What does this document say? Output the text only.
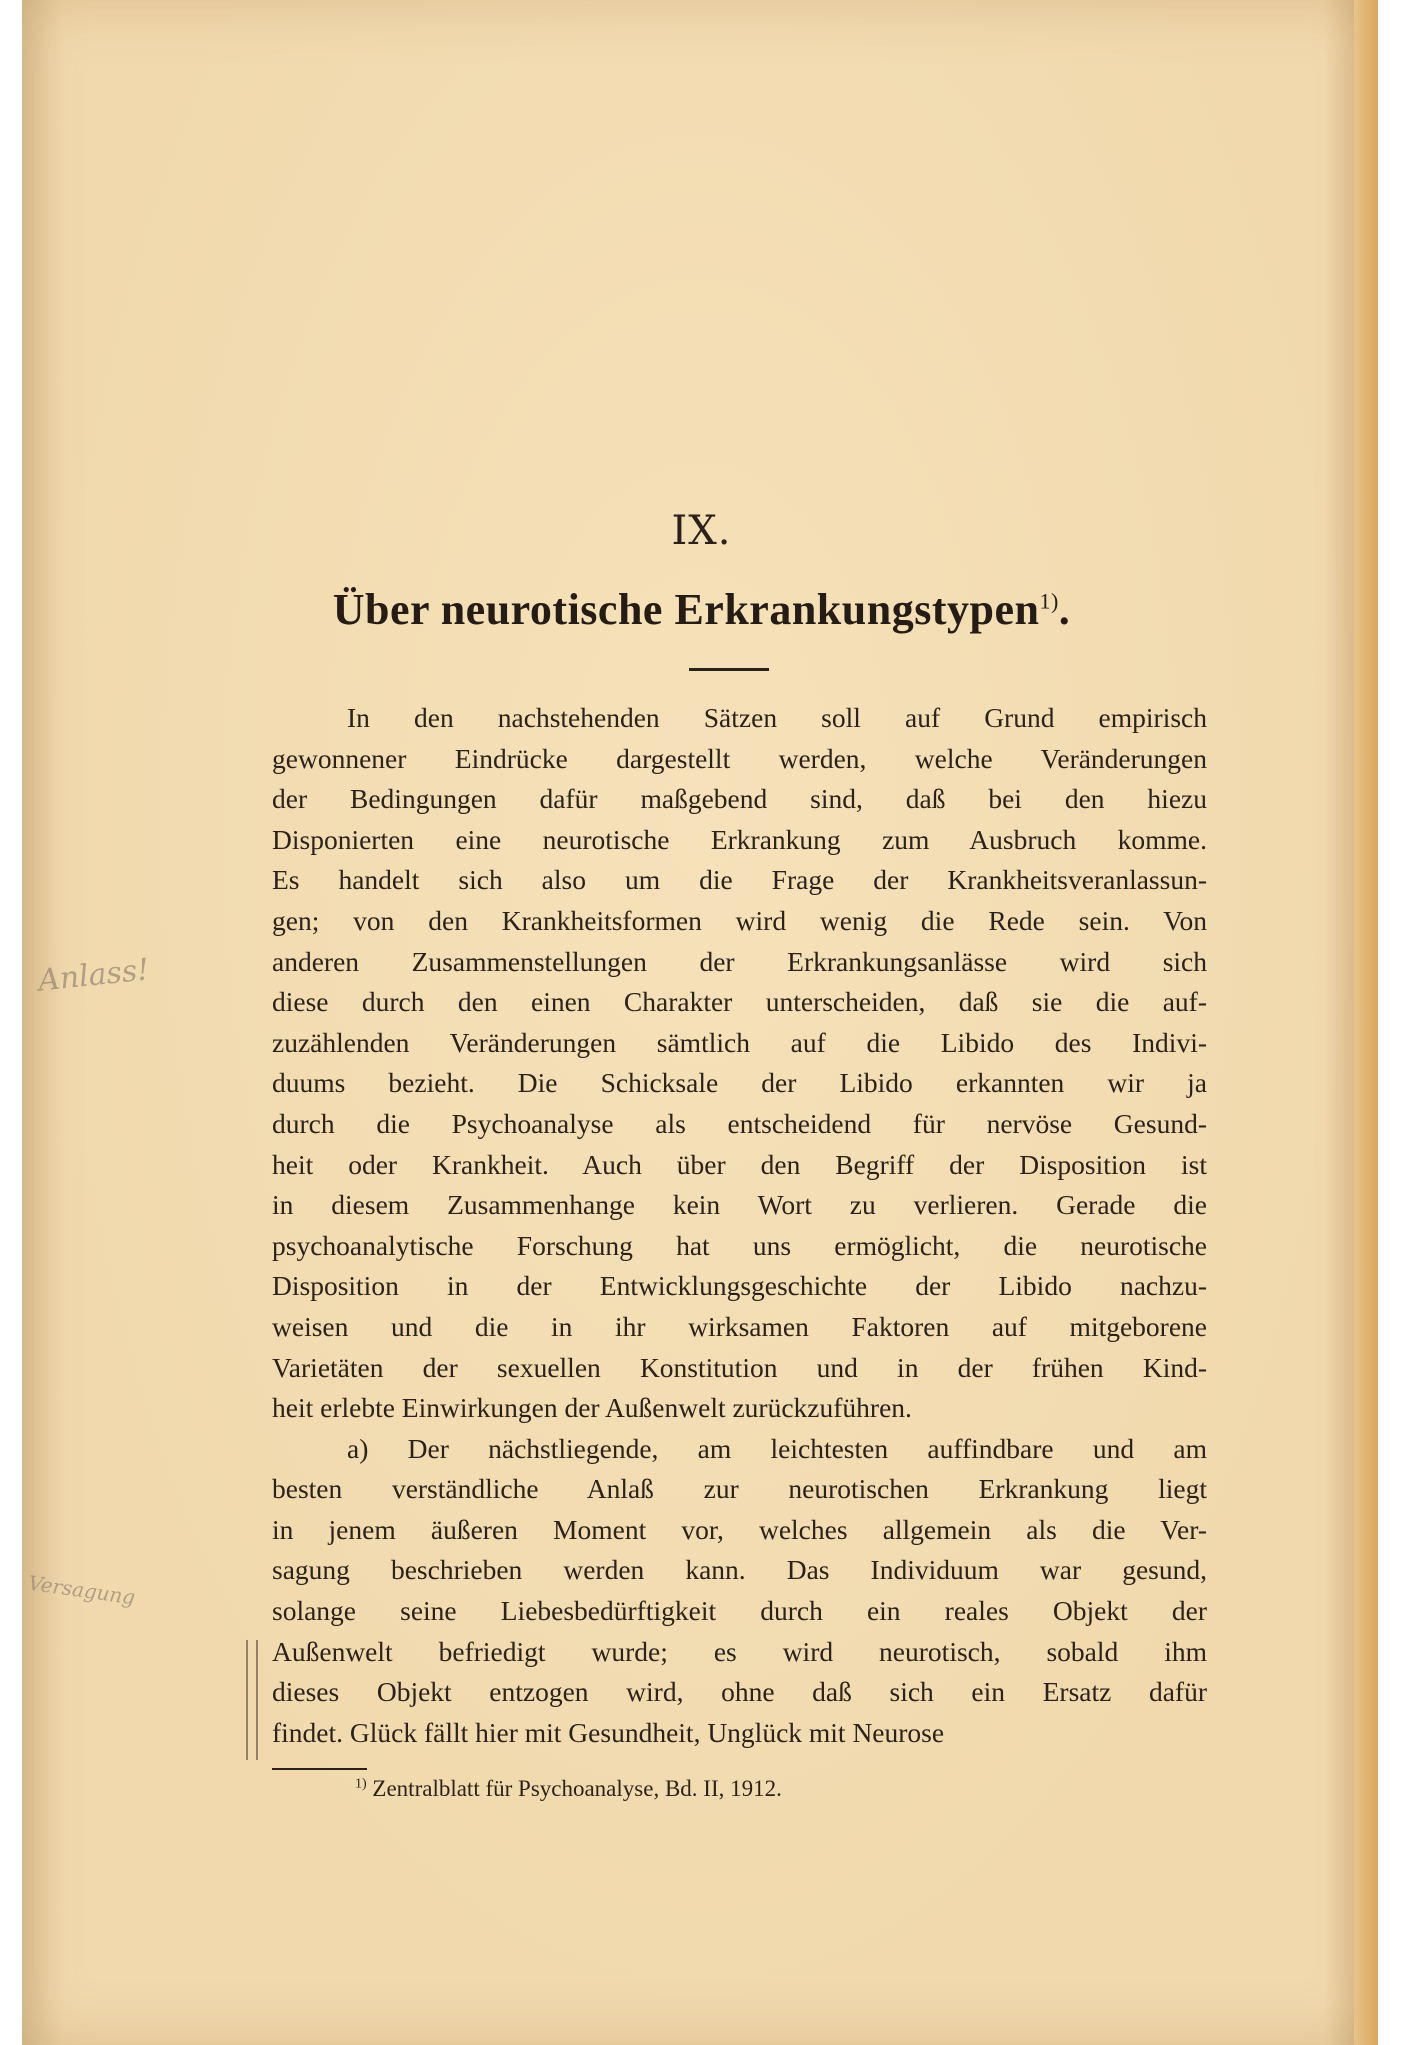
IX.
Über neurotische Erkrankungstypen$^{1)}$.
In den nachstehenden Sätzen soll auf Grund empirisch
gewonnener Eindrücke dargestellt werden, welche Veränderungen
der Bedingungen dafür maßgebend sind, daß bei den hiezu
Disponierten eine neurotische Erkrankung zum Ausbruch komme.
Es handelt sich also um die Frage der Krankheitsveranlassun-
gen; von den Krankheitsformen wird wenig die Rede sein. Von
anderen Zusammenstellungen der Erkrankungsanlässe wird sich
diese durch den einen Charakter unterscheiden, daß sie die auf-
zuzählenden Veränderungen sämtlich auf die Libido des Indivi-
duums bezieht. Die Schicksale der Libido erkannten wir ja
durch die Psychoanalyse als entscheidend für nervöse Gesund-
heit oder Krankheit. Auch über den Begriff der Disposition ist
in diesem Zusammenhange kein Wort zu verlieren. Gerade die
psychoanalytische Forschung hat uns ermöglicht, die neurotische
Disposition in der Entwicklungsgeschichte der Libido nachzu-
weisen und die in ihr wirksamen Faktoren auf mitgeborene
Varietäten der sexuellen Konstitution und in der frühen Kind-
heit erlebte Einwirkungen der Außenwelt zurückzuführen.
a) Der nächstliegende, am leichtesten auffindbare und am
besten verständliche Anlaß zur neurotischen Erkrankung liegt
in jenem äußeren Moment vor, welches allgemein als die Ver-
sagung beschrieben werden kann. Das Individuum war gesund,
solange seine Liebesbedürftigkeit durch ein reales Objekt der
Außenwelt befriedigt wurde; es wird neurotisch, sobald ihm
dieses Objekt entzogen wird, ohne daß sich ein Ersatz dafür
findet. Glück fällt hier mit Gesundheit, Unglück mit Neurose
Anlass!
Versagung
$^{1)}$ Zentralblatt für Psychoanalyse, Bd. II, 1912.
